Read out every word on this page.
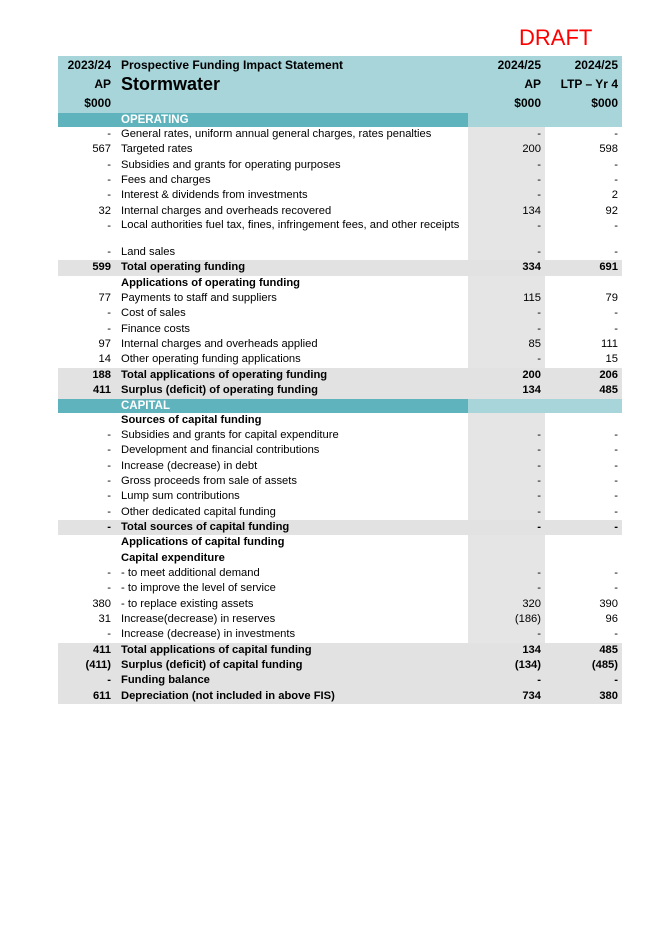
DRAFT
2023/24	Prospective Funding Impact Statement	2024/25	2024/25
AP	Stormwater	AP	LTP – Yr 4
$000		$000	$000
	OPERATING		
-	General rates, uniform annual general charges, rates penalties	-	-
567	Targeted rates	200	598
-	Subsidies and grants for operating purposes	-	-
-	Fees and charges	-	-
-	Interest & dividends from investments	-	2
32	Internal charges and overheads recovered	134	92
-	Local authorities fuel tax, fines, infringement fees, and other receipts	-	-
-	Land sales	-	-
599	Total operating funding	334	691
	Applications of operating funding		
77	Payments to staff and suppliers	115	79
-	Cost of sales	-	-
-	Finance costs	-	-
97	Internal charges and overheads applied	85	111
14	Other operating funding applications	-	15
188	Total applications of operating funding	200	206
411	Surplus (deficit) of operating funding	134	485
	CAPITAL		
	Sources of capital funding		
-	Subsidies and grants for capital expenditure	-	-
-	Development and financial contributions	-	-
-	Increase (decrease) in debt	-	-
-	Gross proceeds from sale of assets	-	-
-	Lump sum contributions	-	-
-	Other dedicated capital funding	-	-
-	Total sources of capital funding	-	-
	Applications of capital funding		
	Capital expenditure		
-	- to meet additional demand	-	-
-	- to improve the level of service	-	-
380	- to replace existing assets	320	390
31	Increase(decrease) in reserves	(186)	96
-	Increase (decrease) in investments	-	-
411	Total applications of capital funding	134	485
(411)	Surplus (deficit) of capital funding	(134)	(485)
-	Funding balance	-	-
611	Depreciation (not included in above FIS)	734	380
